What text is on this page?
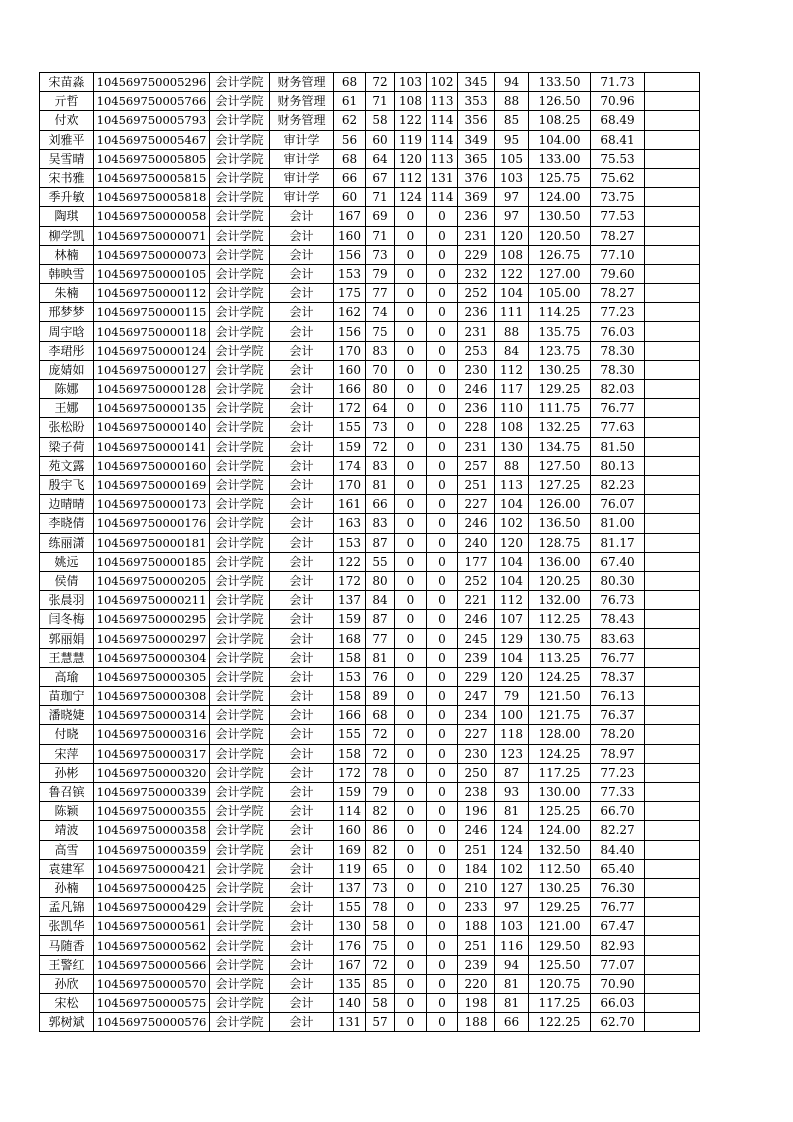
宋苗淼	104569750005296	会计学院	财务管理	68	72	103	102	345	94	133.50	71.73	
亓哲	104569750005766	会计学院	财务管理	61	71	108	113	353	88	126.50	70.96	
付欢	104569750005793	会计学院	财务管理	62	58	122	114	356	85	108.25	68.49	
刘雅平	104569750005467	会计学院	审计学	56	60	119	114	349	95	104.00	68.41	
吴雪晴	104569750005805	会计学院	审计学	68	64	120	113	365	105	133.00	75.53	
宋书雅	104569750005815	会计学院	审计学	66	67	112	131	376	103	125.75	75.62	
季升敏	104569750005818	会计学院	审计学	60	71	124	114	369	97	124.00	73.75	
陶琪	104569750000058	会计学院	会计	167	69	0	0	236	97	130.50	77.53	
柳学凯	104569750000071	会计学院	会计	160	71	0	0	231	120	120.50	78.27	
林楠	104569750000073	会计学院	会计	156	73	0	0	229	108	126.75	77.10	
韩映雪	104569750000105	会计学院	会计	153	79	0	0	232	122	127.00	79.60	
朱楠	104569750000112	会计学院	会计	175	77	0	0	252	104	105.00	78.27	
邢梦梦	104569750000115	会计学院	会计	162	74	0	0	236	111	114.25	77.23	
周宇晗	104569750000118	会计学院	会计	156	75	0	0	231	88	135.75	76.03	
李珺彤	104569750000124	会计学院	会计	170	83	0	0	253	84	123.75	78.30	
庞婧如	104569750000127	会计学院	会计	160	70	0	0	230	112	130.25	78.30	
陈娜	104569750000128	会计学院	会计	166	80	0	0	246	117	129.25	82.03	
王娜	104569750000135	会计学院	会计	172	64	0	0	236	110	111.75	76.77	
张松盼	104569750000140	会计学院	会计	155	73	0	0	228	108	132.25	77.63	
梁子荷	104569750000141	会计学院	会计	159	72	0	0	231	130	134.75	81.50	
苑文露	104569750000160	会计学院	会计	174	83	0	0	257	88	127.50	80.13	
殷宇飞	104569750000169	会计学院	会计	170	81	0	0	251	113	127.25	82.23	
边晴晴	104569750000173	会计学院	会计	161	66	0	0	227	104	126.00	76.07	
李晓倩	104569750000176	会计学院	会计	163	83	0	0	246	102	136.50	81.00	
练丽潇	104569750000181	会计学院	会计	153	87	0	0	240	120	128.75	81.17	
姚远	104569750000185	会计学院	会计	122	55	0	0	177	104	136.00	67.40	
侯倩	104569750000205	会计学院	会计	172	80	0	0	252	104	120.25	80.30	
张晨羽	104569750000211	会计学院	会计	137	84	0	0	221	112	132.00	76.73	
闫冬梅	104569750000295	会计学院	会计	159	87	0	0	246	107	112.25	78.43	
郭丽娟	104569750000297	会计学院	会计	168	77	0	0	245	129	130.75	83.63	
王慧慧	104569750000304	会计学院	会计	158	81	0	0	239	104	113.25	76.77	
高瑜	104569750000305	会计学院	会计	153	76	0	0	229	120	124.25	78.37	
苗珈宁	104569750000308	会计学院	会计	158	89	0	0	247	79	121.50	76.13	
潘晓婕	104569750000314	会计学院	会计	166	68	0	0	234	100	121.75	76.37	
付晓	104569750000316	会计学院	会计	155	72	0	0	227	118	128.00	78.20	
宋萍	104569750000317	会计学院	会计	158	72	0	0	230	123	124.25	78.97	
孙彬	104569750000320	会计学院	会计	172	78	0	0	250	87	117.25	77.23	
鲁召镔	104569750000339	会计学院	会计	159	79	0	0	238	93	130.00	77.33	
陈颖	104569750000355	会计学院	会计	114	82	0	0	196	81	125.25	66.70	
靖波	104569750000358	会计学院	会计	160	86	0	0	246	124	124.00	82.27	
高雪	104569750000359	会计学院	会计	169	82	0	0	251	124	132.50	84.40	
袁建军	104569750000421	会计学院	会计	119	65	0	0	184	102	112.50	65.40	
孙楠	104569750000425	会计学院	会计	137	73	0	0	210	127	130.25	76.30	
孟凡锦	104569750000429	会计学院	会计	155	78	0	0	233	97	129.25	76.77	
张凯华	104569750000561	会计学院	会计	130	58	0	0	188	103	121.00	67.47	
马随香	104569750000562	会计学院	会计	176	75	0	0	251	116	129.50	82.93	
王警红	104569750000566	会计学院	会计	167	72	0	0	239	94	125.50	77.07	
孙欣	104569750000570	会计学院	会计	135	85	0	0	220	81	120.75	70.90	
宋松	104569750000575	会计学院	会计	140	58	0	0	198	81	117.25	66.03	
郭树斌	104569750000576	会计学院	会计	131	57	0	0	188	66	122.25	62.70	
